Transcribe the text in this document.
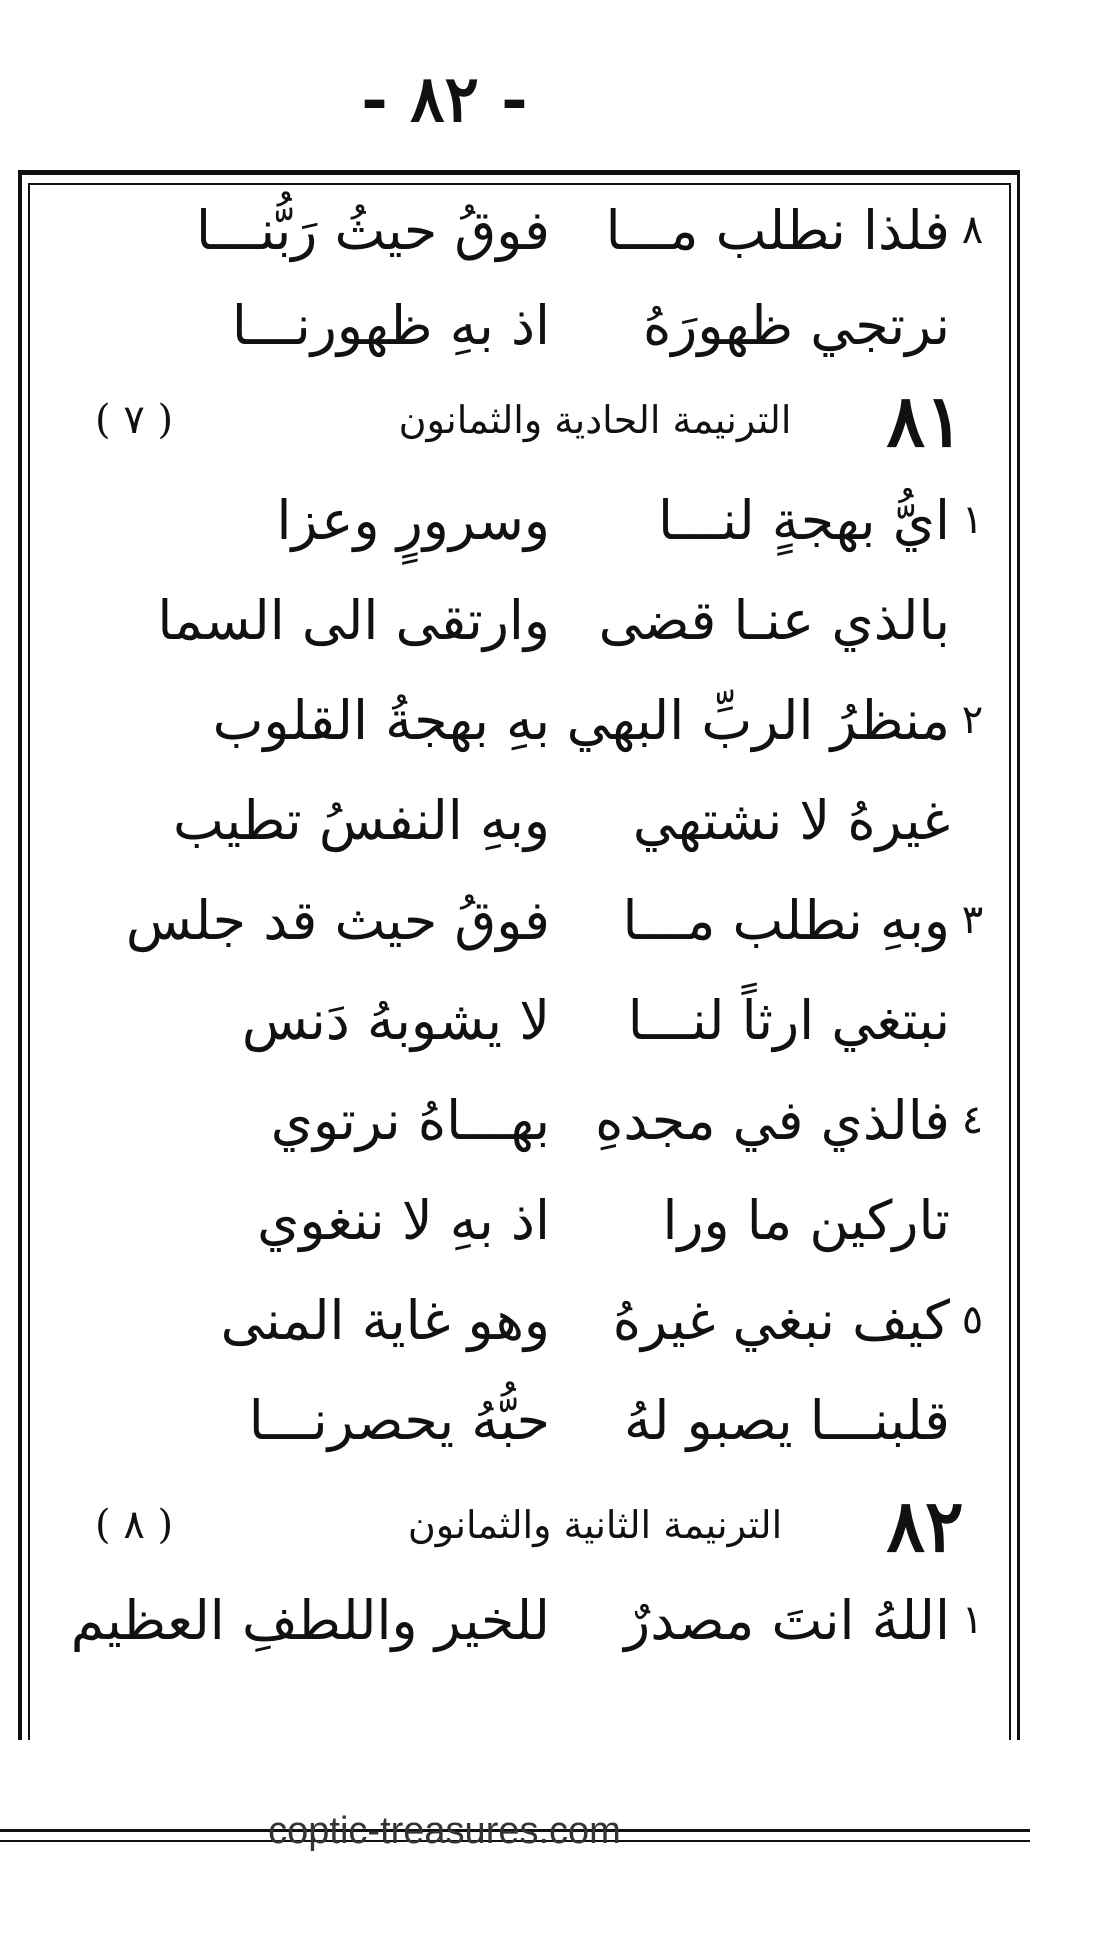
- ٨٢ -
٨
فلذا نطلب مـــا
فوقُ حيثُ رَبُّنـــا
نرتجي ظهورَهُ
اذ بهِ ظهورنـــا
٨١
الترنيمة الحادية والثمانون
( ٧ )
١
ايُّ بهجةٍ لنـــا
وسرورٍ وعزا
بالذي عنـا قضى
وارتقى الى السما
٢
منظرُ الربِّ البهي
بهِ بهجةُ القلوب
غيرهُ لا نشتهي
وبهِ النفسُ تطيب
٣
وبهِ نطلب مـــا
فوقُ حيث قد جلس
نبتغي ارثاً لنـــا
لا يشوبهُ دَنس
٤
فالذي في مجدهِ
بهـــاهُ نرتوي
تاركين ما ورا
اذ بهِ لا ننغوي
٥
كيف نبغي غيرهُ
وهو غاية المنى
قلبنـــا يصبو لهُ
حبُّهُ يحصرنـــا
٨٢
الترنيمة الثانية والثمانون
( ٨ )
١
اللهُ انتَ مصدرٌ
للخير واللطفِ العظيم
coptic-treasures.com
